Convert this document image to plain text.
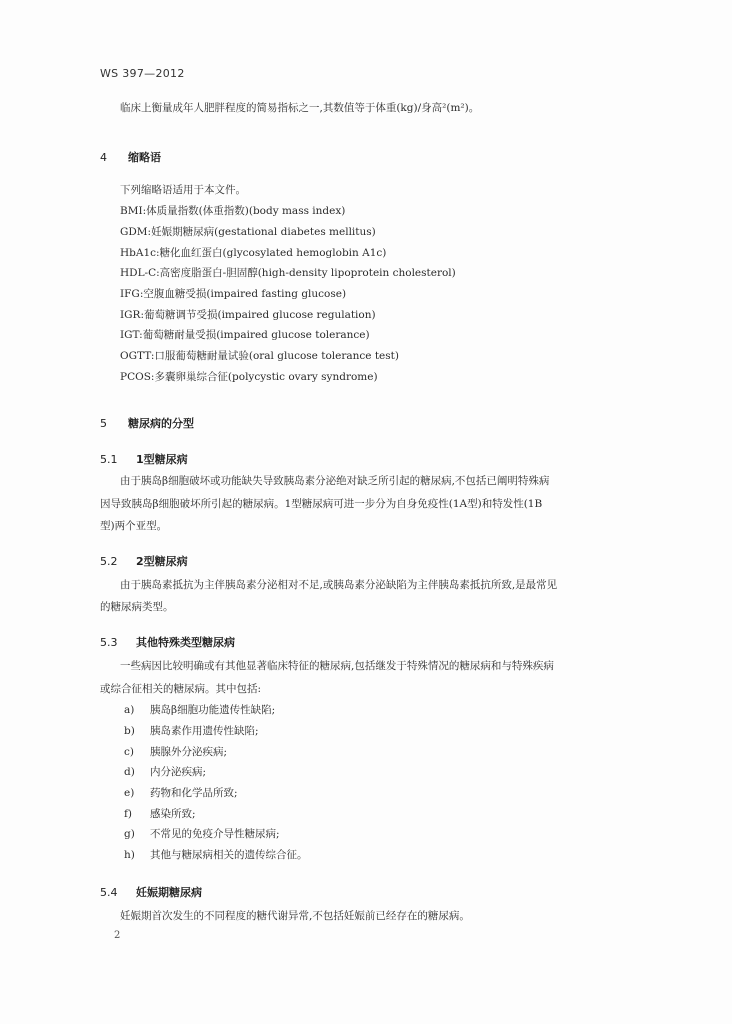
WS 397—2012
临床上衡量成年人肥胖程度的简易指标之一,其数值等于体重(kg)/身高²(m²)。
4 缩略语
下列缩略语适用于本文件。
BMI:体质量指数(体重指数)(body mass index)
GDM:妊娠期糖尿病(gestational diabetes mellitus)
HbA1c:糖化血红蛋白(glycosylated hemoglobin A1c)
HDL-C:高密度脂蛋白-胆固醇(high-density lipoprotein cholesterol)
IFG:空腹血糖受损(impaired fasting glucose)
IGR:葡萄糖调节受损(impaired glucose regulation)
IGT:葡萄糖耐量受损(impaired glucose tolerance)
OGTT:口服葡萄糖耐量试验(oral glucose tolerance test)
PCOS:多囊卵巢综合征(polycystic ovary syndrome)
5 糖尿病的分型
5.1 1型糖尿病
由于胰岛β细胞破坏或功能缺失导致胰岛素分泌绝对缺乏所引起的糖尿病,不包括已阐明特殊病
因导致胰岛β细胞破坏所引起的糖尿病。1型糖尿病可进一步分为自身免疫性(1A型)和特发性(1B
型)两个亚型。
5.2 2型糖尿病
由于胰岛素抵抗为主伴胰岛素分泌相对不足,或胰岛素分泌缺陷为主伴胰岛素抵抗所致,是最常见
的糖尿病类型。
5.3 其他特殊类型糖尿病
一些病因比较明确或有其他显著临床特征的糖尿病,包括继发于特殊情况的糖尿病和与特殊疾病
或综合征相关的糖尿病。其中包括:
a) 胰岛β细胞功能遗传性缺陷;
b) 胰岛素作用遗传性缺陷;
c) 胰腺外分泌疾病;
d) 内分泌疾病;
e) 药物和化学品所致;
f) 感染所致;
g) 不常见的免疫介导性糖尿病;
h) 其他与糖尿病相关的遗传综合征。
5.4 妊娠期糖尿病
妊娠期首次发生的不同程度的糖代谢异常,不包括妊娠前已经存在的糖尿病。
2
